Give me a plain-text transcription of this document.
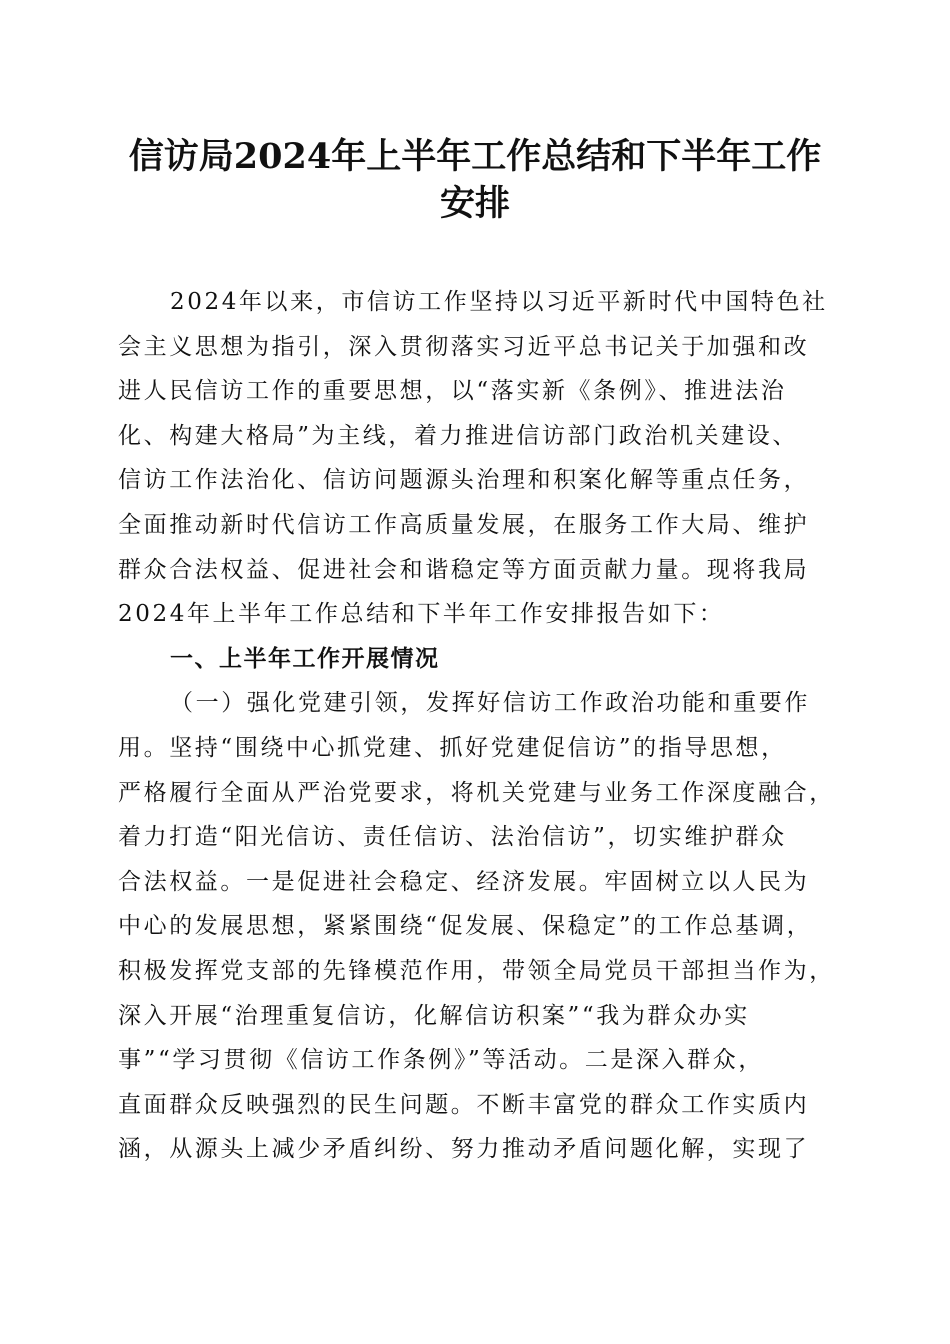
信访局2024年上半年工作总结和下半年工作
安排
2024年以来，市信访工作坚持以习近平新时代中国特色社
会主义思想为指引，深入贯彻落实习近平总书记关于加强和改
进人民信访工作的重要思想，以“落实新《条例》、推进法治
化、构建大格局”为主线，着力推进信访部门政治机关建设、
信访工作法治化、信访问题源头治理和积案化解等重点任务，
全面推动新时代信访工作高质量发展，在服务工作大局、维护
群众合法权益、促进社会和谐稳定等方面贡献力量。现将我局
2024年上半年工作总结和下半年工作安排报告如下：
一、上半年工作开展情况
（一）强化党建引领，发挥好信访工作政治功能和重要作
用。坚持“围绕中心抓党建、抓好党建促信访”的指导思想，
严格履行全面从严治党要求，将机关党建与业务工作深度融合，
着力打造“阳光信访、责任信访、法治信访”，切实维护群众
合法权益。一是促进社会稳定、经济发展。牢固树立以人民为
中心的发展思想，紧紧围绕“促发展、保稳定”的工作总基调，
积极发挥党支部的先锋模范作用，带领全局党员干部担当作为，
深入开展“治理重复信访，化解信访积案”“我为群众办实
事”“学习贯彻《信访工作条例》”等活动。二是深入群众，
直面群众反映强烈的民生问题。不断丰富党的群众工作实质内
涵，从源头上减少矛盾纠纷、努力推动矛盾问题化解，实现了
